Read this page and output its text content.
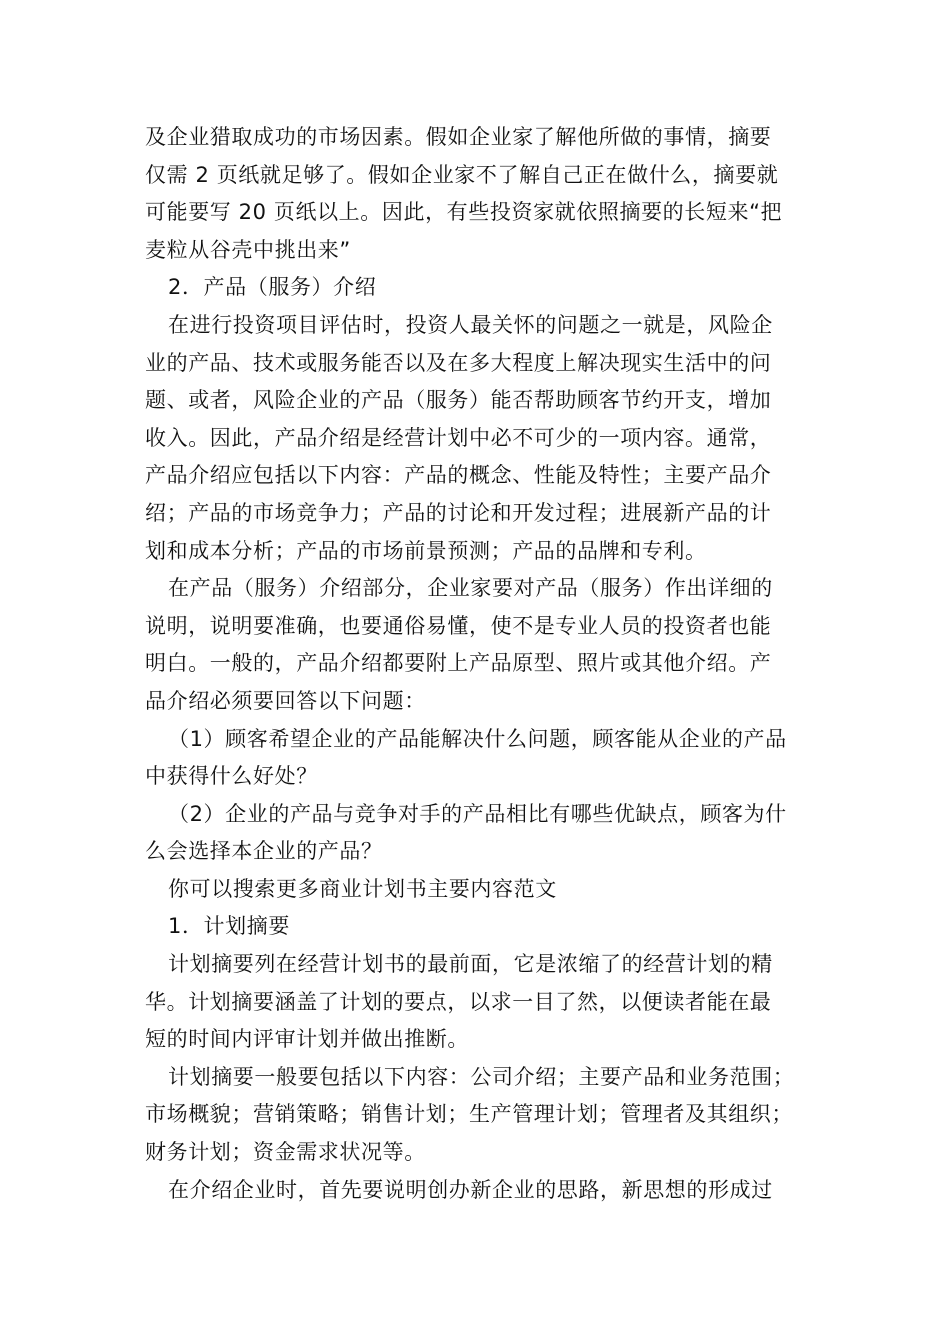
及企业猎取成功的市场因素。假如企业家了解他所做的事情，摘要
仅需 2 页纸就足够了。假如企业家不了解自己正在做什么，摘要就
可能要写 20 页纸以上。因此，有些投资家就依照摘要的长短来“把
麦粒从谷壳中挑出来”
2．产品（服务）介绍
在进行投资项目评估时，投资人最关怀的问题之一就是，风险企
业的产品、技术或服务能否以及在多大程度上解决现实生活中的问
题、或者，风险企业的产品（服务）能否帮助顾客节约开支，增加
收入。因此，产品介绍是经营计划中必不可少的一项内容。通常，
产品介绍应包括以下内容：产品的概念、性能及特性；主要产品介
绍；产品的市场竞争力；产品的讨论和开发过程；进展新产品的计
划和成本分析；产品的市场前景预测；产品的品牌和专利。
在产品（服务）介绍部分，企业家要对产品（服务）作出详细的
说明，说明要准确，也要通俗易懂，使不是专业人员的投资者也能
明白。一般的，产品介绍都要附上产品原型、照片或其他介绍。产
品介绍必须要回答以下问题：
（1）顾客希望企业的产品能解决什么问题，顾客能从企业的产品
中获得什么好处？
（2）企业的产品与竞争对手的产品相比有哪些优缺点，顾客为什
么会选择本企业的产品？
你可以搜索更多商业计划书主要内容范文
1．计划摘要
计划摘要列在经营计划书的最前面，它是浓缩了的经营计划的精
华。计划摘要涵盖了计划的要点，以求一目了然，以便读者能在最
短的时间内评审计划并做出推断。
计划摘要一般要包括以下内容：公司介绍；主要产品和业务范围；
市场概貌；营销策略；销售计划；生产管理计划；管理者及其组织；
财务计划；资金需求状况等。
在介绍企业时，首先要说明创办新企业的思路，新思想的形成过
